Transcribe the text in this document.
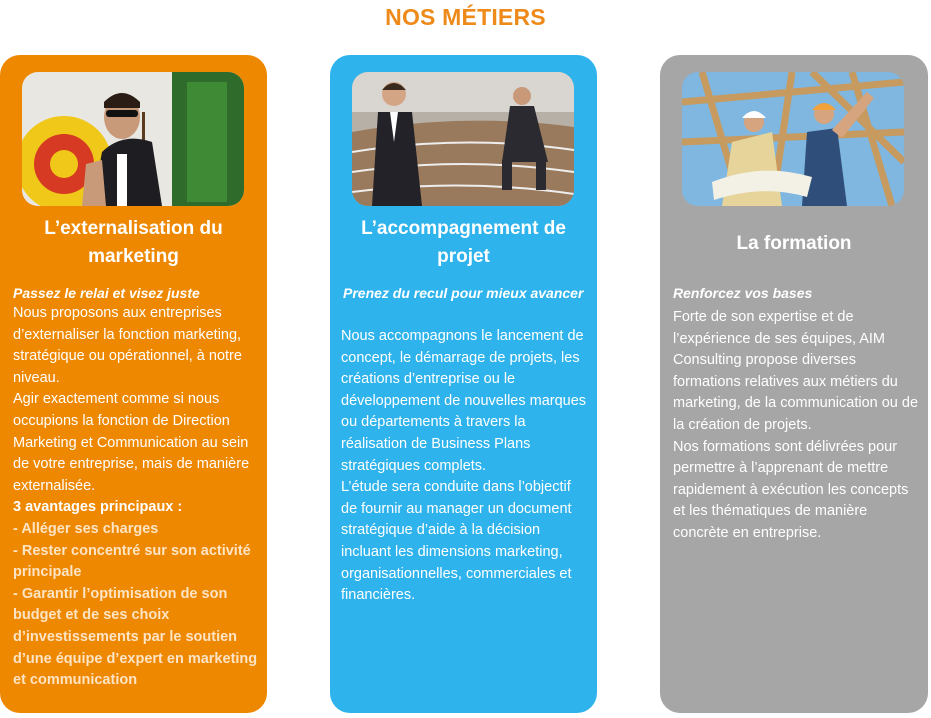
NOS MÉTIERS
L’externalisation du marketing

Passez le relai et visez juste

Nous proposons aux entreprises d’externaliser la fonction marketing, stratégique ou opérationnel, à notre niveau.

Agir exactement comme si nous occupions la fonction de Direction Marketing et Communication au sein de votre entreprise, mais de manière externalisée.

3 avantages principaux :

- Alléger ses charges
- Rester concentré sur son activité principale
- Garantir l’optimisation de son budget et de ses choix d’investissements par le soutien d’une équipe d’expert en marketing et communication
L’accompagnement de projet

Prenez du recul pour mieux avancer

Nous accompagnons le lancement de concept, le démarrage de projets, les créations d’entreprise ou le développement de nouvelles marques ou départements à travers la réalisation de Business Plans stratégiques complets.

L’étude sera conduite dans l’objectif de fournir au manager un document stratégique d’aide à la décision incluant les dimensions marketing, organisationnelles, commerciales et financières.

La formation

Renforcez vos bases

Forte de son expertise et de l’expérience de ses équipes, AIM Consulting propose diverses formations relatives aux métiers du marketing, de la communication ou de la création de projets.

Nos formations sont délivrées pour permettre à l’apprenant de mettre rapidement à exécution les concepts et les thématiques de manière concrète en entreprise.
